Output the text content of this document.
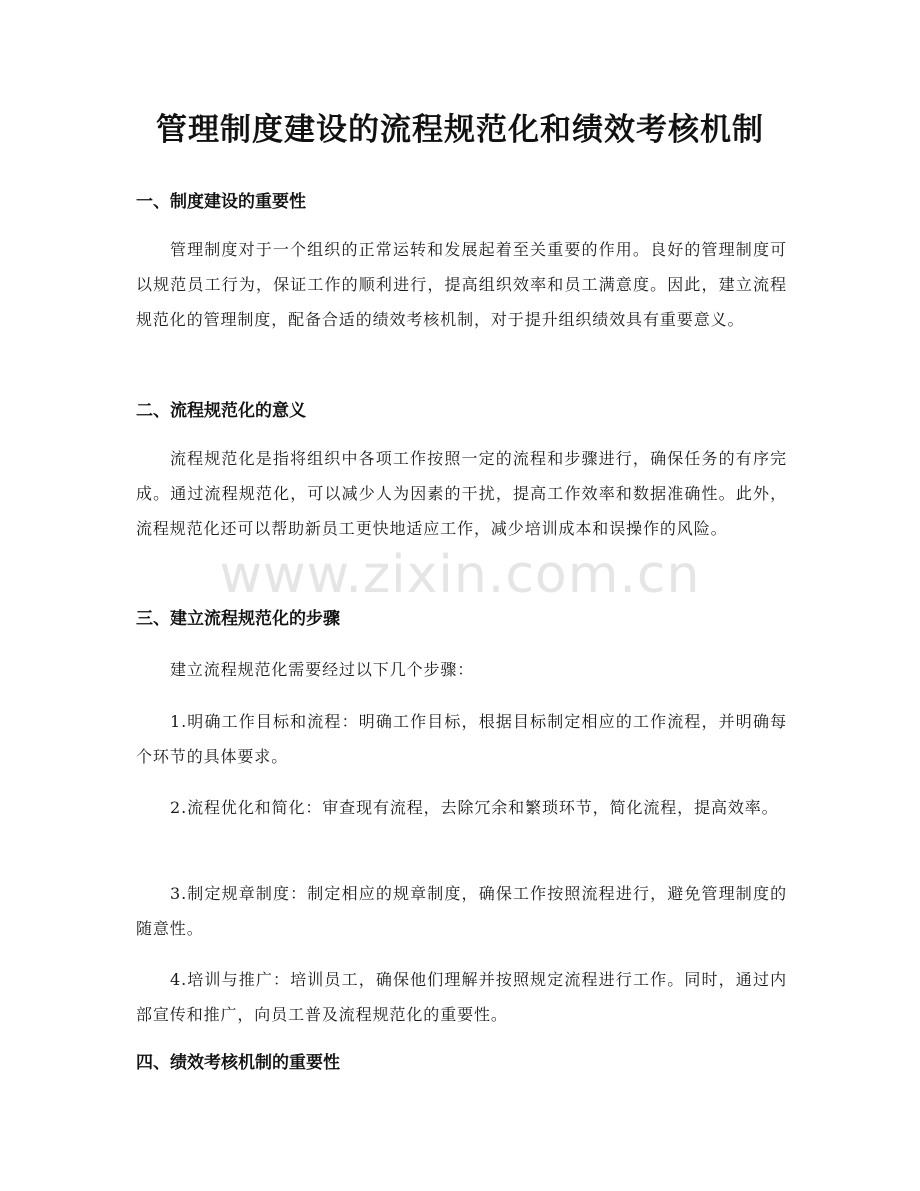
管理制度建设的流程规范化和绩效考核机制
一、制度建设的重要性

管理制度对于一个组织的正常运转和发展起着至关重要的作用。良好的管理制度可以规范员工行为，保证工作的顺利进行，提高组织效率和员工满意度。因此，建立流程规范化的管理制度，配备合适的绩效考核机制，对于提升组织绩效具有重要意义。

二、流程规范化的意义

流程规范化是指将组织中各项工作按照一定的流程和步骤进行，确保任务的有序完成。通过流程规范化，可以减少人为因素的干扰，提高工作效率和数据准确性。此外，流程规范化还可以帮助新员工更快地适应工作，减少培训成本和误操作的风险。

三、建立流程规范化的步骤

建立流程规范化需要经过以下几个步骤：

1.明确工作目标和流程：明确工作目标，根据目标制定相应的工作流程，并明确每个环节的具体要求。

2.流程优化和简化：审查现有流程，去除冗余和繁琐环节，简化流程，提高效率。

3.制定规章制度：制定相应的规章制度，确保工作按照流程进行，避免管理制度的随意性。

4.培训与推广：培训员工，确保他们理解并按照规定流程进行工作。同时，通过内部宣传和推广，向员工普及流程规范化的重要性。

四、绩效考核机制的重要性
www.zixin.com.cn
